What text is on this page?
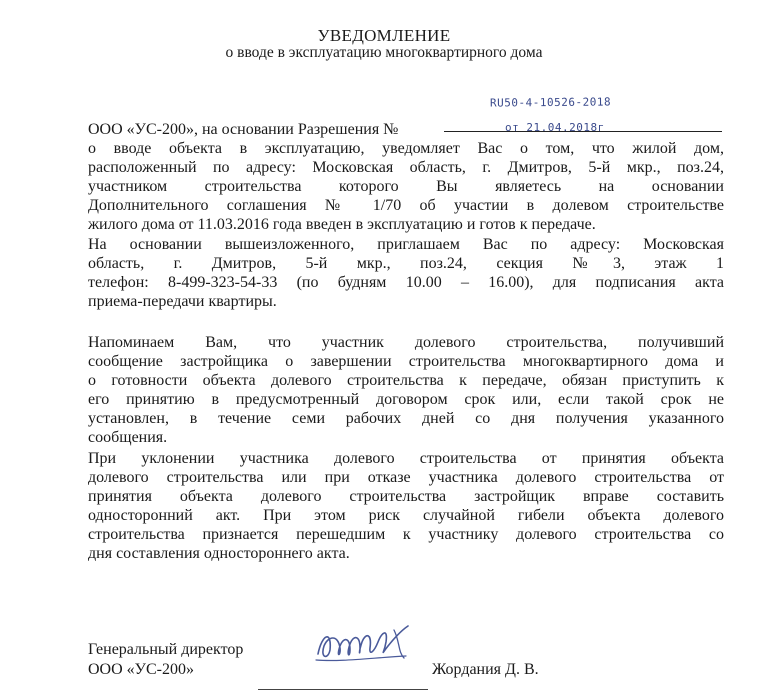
УВЕДОМЛЕНИЕ
о вводе в эксплуатацию многоквартирного дома
RU50-4-10526-2018
от 21.04.2018г
ООО «УС-200», на основании Разрешения №
о вводе объекта в эксплуатацию, уведомляет Вас о том, что жилой дом,
расположенный по адресу: Московская область, г. Дмитров, 5-й мкр., поз.24,
участником строительства которого Вы являетесь на основании
Дополнительного соглашения № 1/70 об участии в долевом строительстве
жилого дома от 11.03.2016 года введен в эксплуатацию и готов к передаче.
На основании вышеизложенного, приглашаем Вас по адресу: Московская
область, г. Дмитров, 5-й мкр., поз.24, секция №3, этаж 1
телефон: 8-499-323-54-33 (по будням 10.00 – 16.00), для подписания акта
приема-передачи квартиры.
Напоминаем Вам, что участник долевого строительства, получивший
сообщение застройщика о завершении строительства многоквартирного дома и
о готовности объекта долевого строительства к передаче, обязан приступить к
его принятию в предусмотренный договором срок или, если такой срок не
установлен, в течение семи рабочих дней со дня получения указанного
сообщения.
При уклонении участника долевого строительства от принятия объекта
долевого строительства или при отказе участника долевого строительства от
принятия объекта долевого строительства застройщик вправе составить
односторонний акт. При этом риск случайной гибели объекта долевого
строительства признается перешедшим к участнику долевого строительства со
дня составления одностороннего акта.
Генеральный директор
ООО «УС-200»	Жордания Д. В.
